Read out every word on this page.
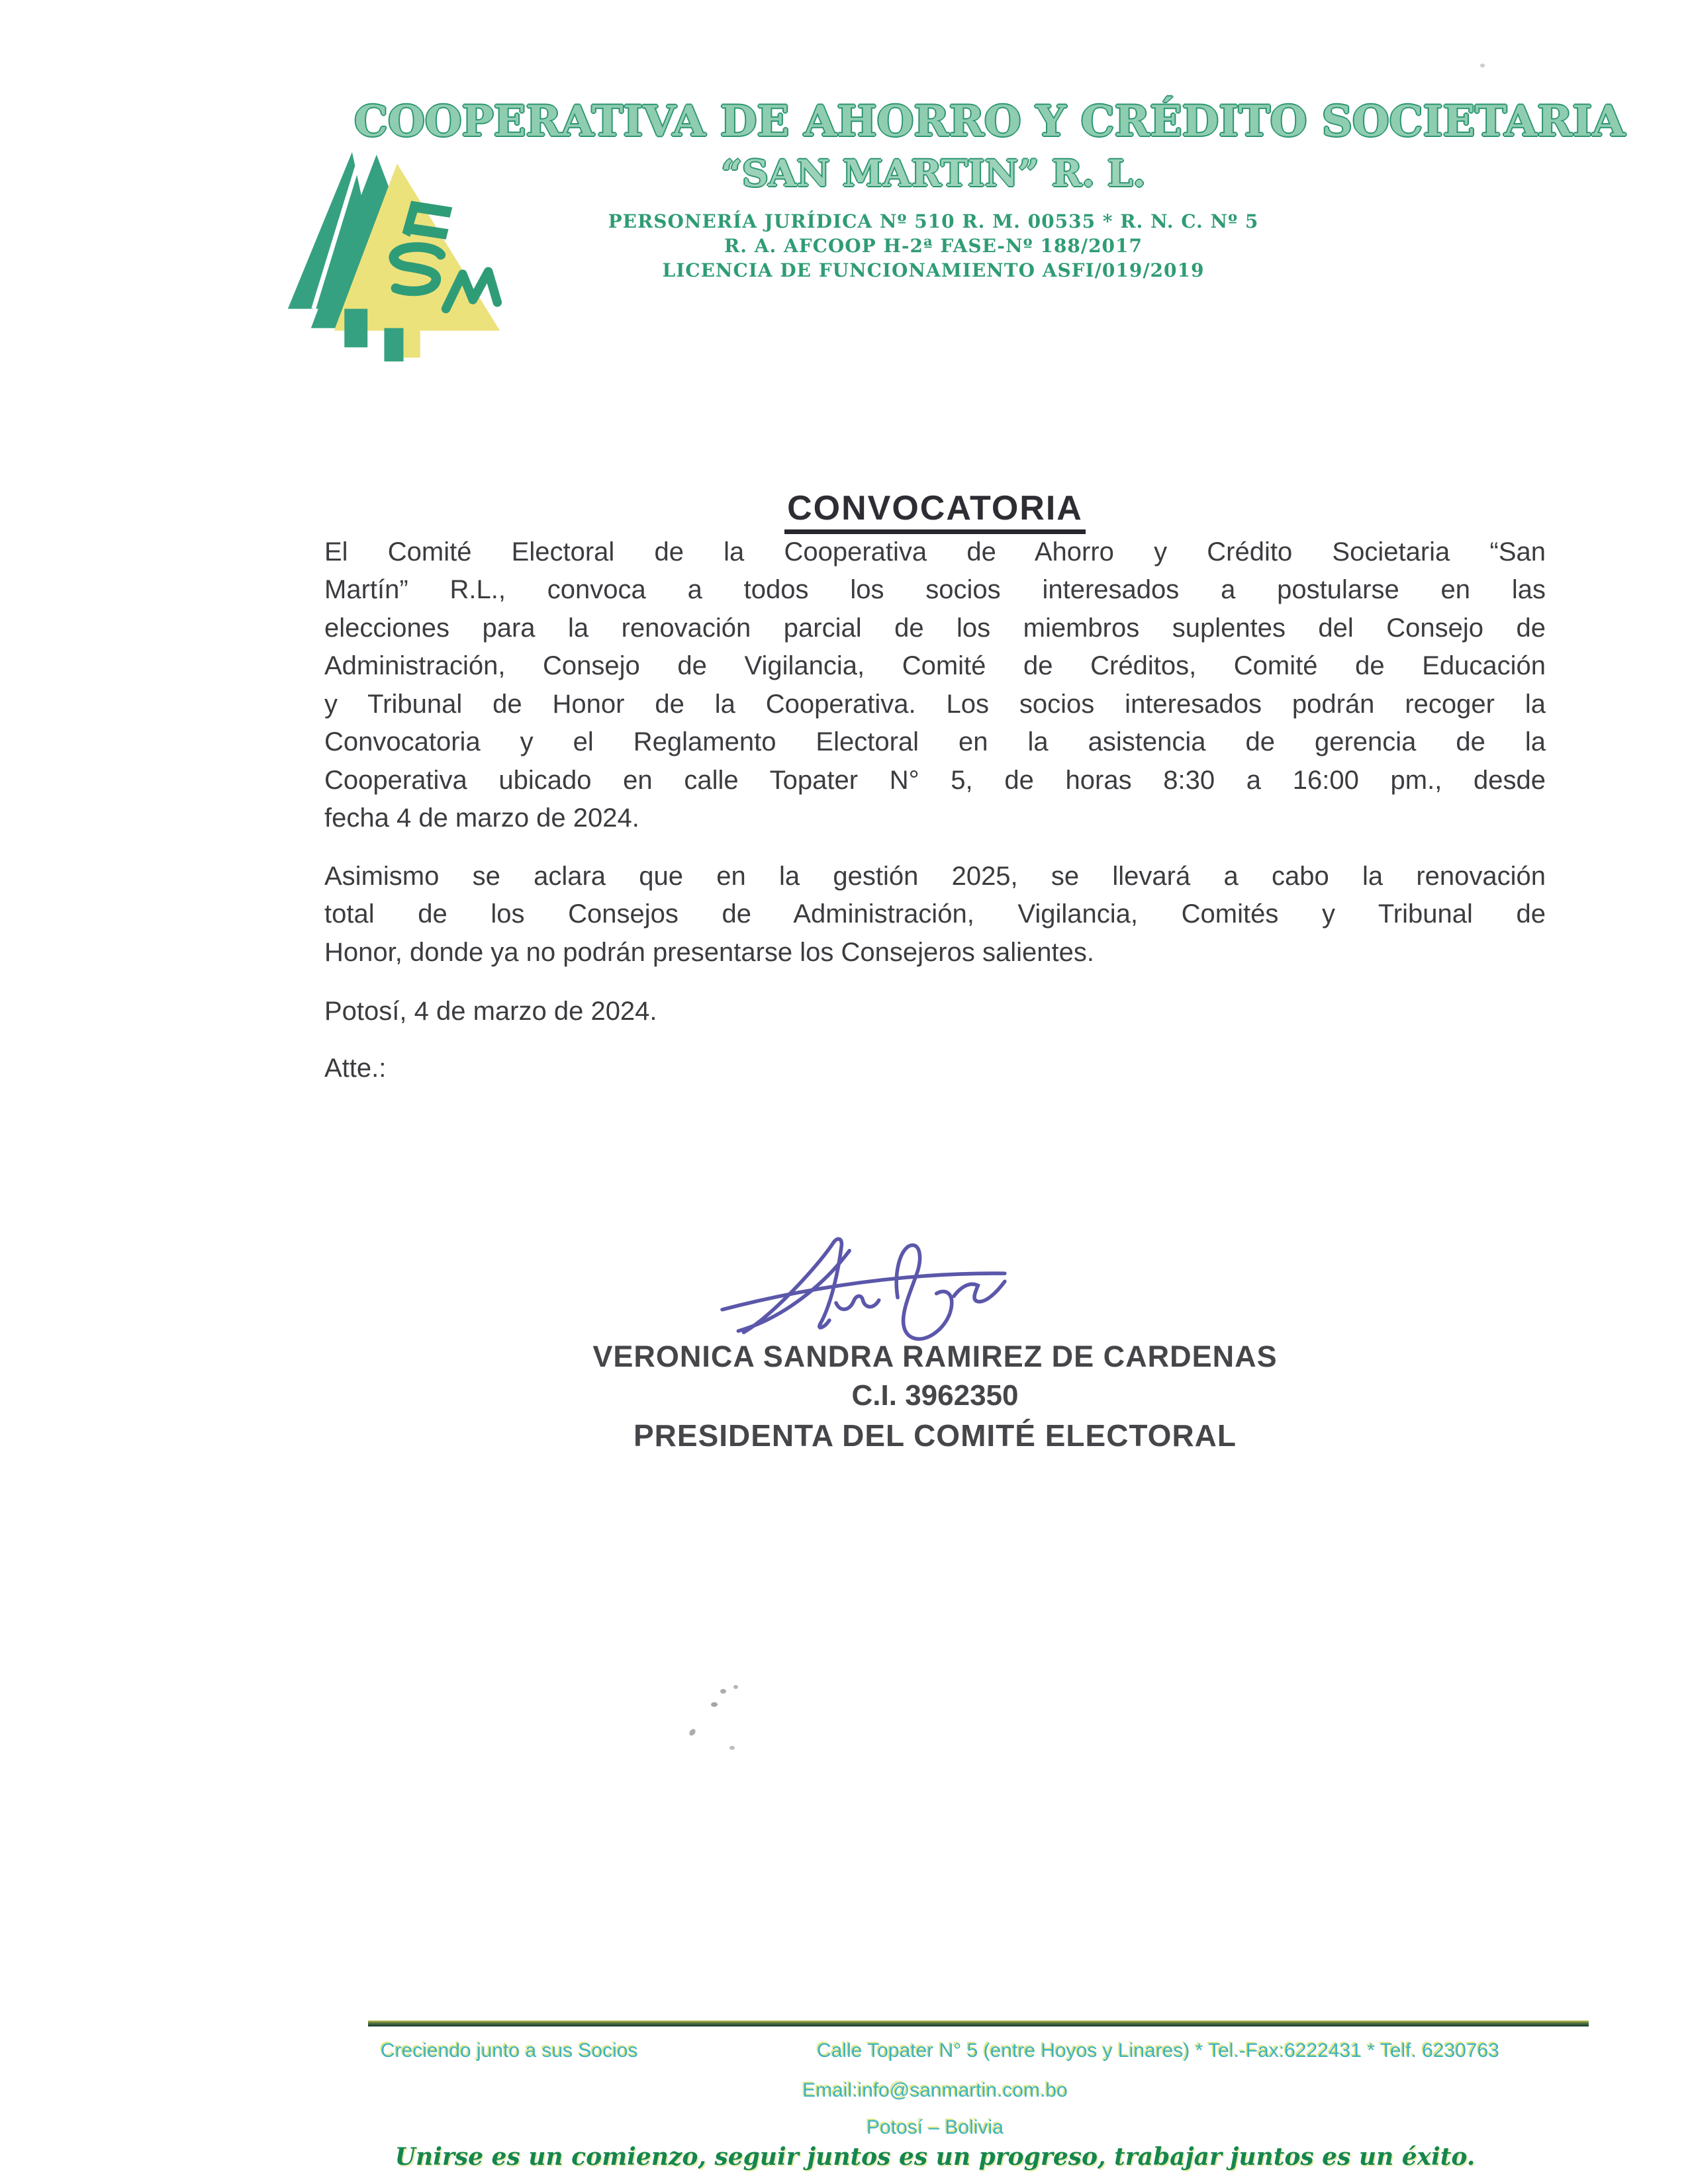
COOPERATIVA DE AHORRO Y CRÉDITO SOCIETARIA
“SAN MARTIN” R. L.
PERSONERÍA JURÍDICA Nº 510 R. M. 00535 * R. N. C. Nº 5
R. A. AFCOOP H-2ª FASE-Nº 188/2017
LICENCIA DE FUNCIONAMIENTO ASFI/019/2019
CONVOCATORIA
El Comité Electoral de la Cooperativa de Ahorro y Crédito Societaria “San
Martín” R.L., convoca a todos los socios interesados a postularse en las
elecciones para la renovación parcial de los miembros suplentes del Consejo de
Administración, Consejo de Vigilancia, Comité de Créditos, Comité de Educación
y Tribunal de Honor de la Cooperativa. Los socios interesados podrán recoger la
Convocatoria y el Reglamento Electoral en la asistencia de gerencia de la
Cooperativa ubicado en calle Topater N° 5, de horas 8:30 a 16:00 pm., desde
fecha 4 de marzo de 2024.
Asimismo se aclara que en la gestión 2025, se llevará a cabo la renovación
total de los Consejos de Administración, Vigilancia, Comités y Tribunal de
Honor, donde ya no podrán presentarse los Consejeros salientes.
Potosí, 4 de marzo de 2024.
Atte.:
VERONICA SANDRA RAMIREZ DE CARDENAS
C.I. 3962350
PRESIDENTA DEL COMITÉ ELECTORAL
Creciendo junto a sus Socios	Calle Topater N° 5 (entre Hoyos y Linares) * Tel.-Fax:6222431 * Telf. 6230763
Email:info@sanmartin.com.bo
Potosí – Bolivia
Unirse es un comienzo, seguir juntos es un progreso, trabajar juntos es un éxito.
